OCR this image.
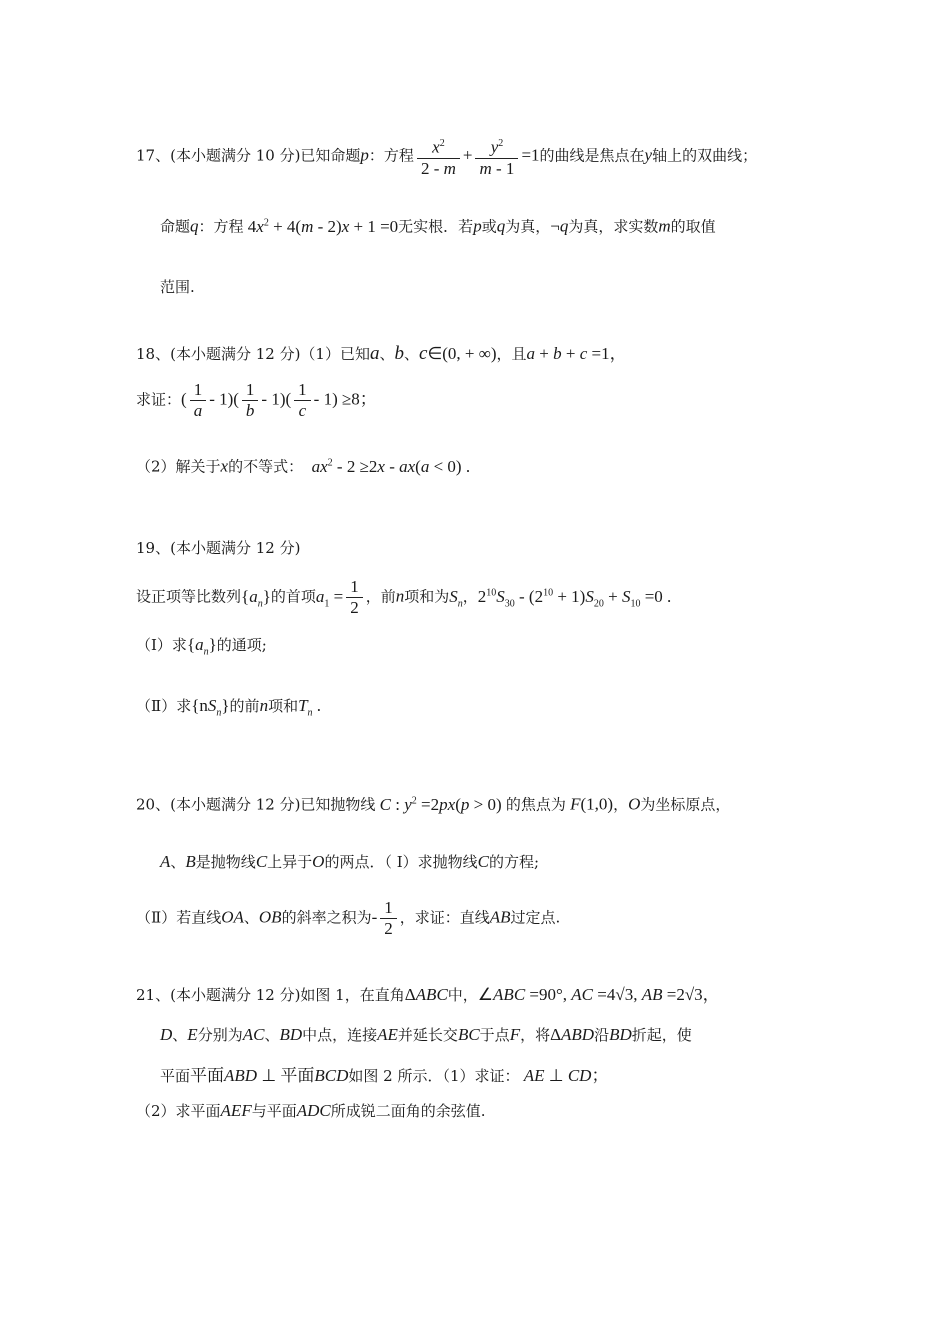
17、(本小题满分 10 分)已知命题p：方程 $\frac{x^2}{2 - m} + \frac{y^2}{m - 1} =1$的曲线是焦点在y轴上的双曲线；
命题q：方程 $4x^2 + 4(m - 2)x + 1 =0$无实根．若p或q为真，¬q为真，求实数m的取值
范围.
18、(本小题满分 12 分)（1）已知a、b、c∈(0, + ∞)，且a + b + c =1，
求证：( $\frac{1}{a} - 1)( \frac{1}{b} - 1)( \frac{1}{c} - 1) \ge 8$；
（2）解关于x的不等式： $ax^2 - 2 \ge 2x - ax(a < 0)$ .
19、(本小题满分 12 分)
设正项等比数列$\{a_n\}$的首项$a_1 = \frac{1}{2}$ ，前n项和为$S_n$，$2^{10}S_{30} - (2^{10} + 1)S_{20} + S_{10} =0$ .
（Ⅰ）求$\{a_n\}$的通项;
（Ⅱ）求$\{nS_n\}$的前n项和$T_n$ .
20、(本小题满分 12 分)已知抛物线 C : $y^2 =2px(p > 0)$ 的焦点为 F(1,0)，O为坐标原点，
A、B是抛物线C上异于O的两点．（ I）求抛物线C的方程;
（Ⅱ）若直线OA、OB的斜率之积为- $\frac{1}{2}$ ，求证：直线AB过定点.
21、(本小题满分 12 分)如图 1，在直角ΔABC中，∠ABC =90°, AC =4√3, AB =2√3，
D、E分别为AC、BD中点，连接AE并延长交BC于点F，将ΔABD沿BD折起，使
平面平面ABD ⊥ 平面BCD如图 2 所示．（1）求证： AE ⊥ CD；
（2）求平面AEF与平面ADC所成锐二面角的余弦值.
